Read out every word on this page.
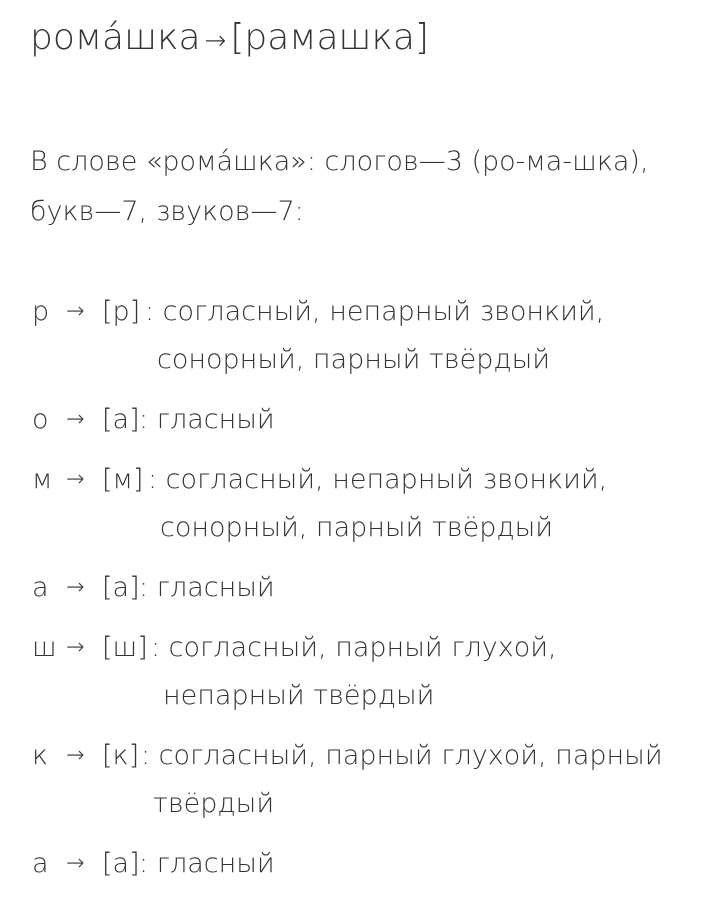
рома́шка → [рамашка]
В слове «рома́шка»: слогов—3 (ро-ма-шка), букв—7, звуков—7:
р → [р] : согласный, непарный звонкий, сонорный, парный твёрдый
о → [а] : гласный
м → [м] : согласный, непарный звонкий, сонорный, парный твёрдый
а → [а] : гласный
ш → [ш] : согласный, парный глухой, непарный твёрдый
к → [к] : согласный, парный глухой, парный твёрдый
а → [а] : гласный
